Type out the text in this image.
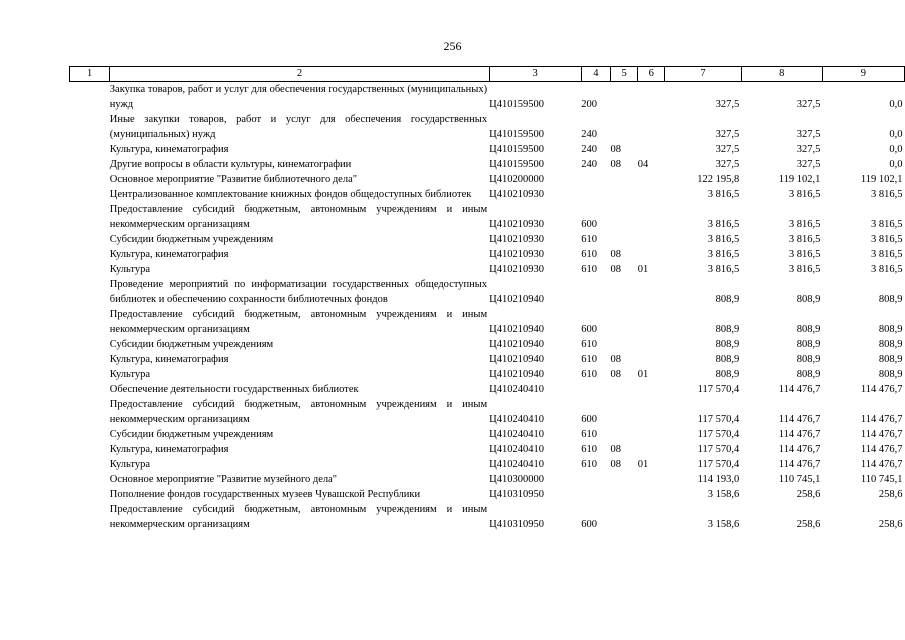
256
1	2	3	4	5	6	7	8	9
	Закупка товаров, работ и услуг для обеспечения государственных (муниципальных) нужд	Ц410159500	200			327,5	327,5	0,0
	Иные закупки товаров, работ и услуг для обеспечения государственных (муниципальных) нужд	Ц410159500	240			327,5	327,5	0,0
	Культура, кинематография	Ц410159500	240	08		327,5	327,5	0,0
	Другие вопросы в области культуры, кинематографии	Ц410159500	240	08	04	327,5	327,5	0,0
	Основное мероприятие "Развитие библиотечного дела"	Ц410200000				122 195,8	119 102,1	119 102,1
	Централизованное комплектование книжных фондов общедоступных библиотек	Ц410210930				3 816,5	3 816,5	3 816,5
	Предоставление субсидий бюджетным, автономным учреждениям и иным некоммерческим организациям	Ц410210930	600			3 816,5	3 816,5	3 816,5
	Субсидии бюджетным учреждениям	Ц410210930	610			3 816,5	3 816,5	3 816,5
	Культура, кинематография	Ц410210930	610	08		3 816,5	3 816,5	3 816,5
	Культура	Ц410210930	610	08	01	3 816,5	3 816,5	3 816,5
	Проведение мероприятий по информатизации государственных общедоступных библиотек и обеспечению сохранности библиотечных фондов	Ц410210940				808,9	808,9	808,9
	Предоставление субсидий бюджетным, автономным учреждениям и иным некоммерческим организациям	Ц410210940	600			808,9	808,9	808,9
	Субсидии бюджетным учреждениям	Ц410210940	610			808,9	808,9	808,9
	Культура, кинематография	Ц410210940	610	08		808,9	808,9	808,9
	Культура	Ц410210940	610	08	01	808,9	808,9	808,9
	Обеспечение деятельности государственных библиотек	Ц410240410				117 570,4	114 476,7	114 476,7
	Предоставление субсидий бюджетным, автономным учреждениям и иным некоммерческим организациям	Ц410240410	600			117 570,4	114 476,7	114 476,7
	Субсидии бюджетным учреждениям	Ц410240410	610			117 570,4	114 476,7	114 476,7
	Культура, кинематография	Ц410240410	610	08		117 570,4	114 476,7	114 476,7
	Культура	Ц410240410	610	08	01	117 570,4	114 476,7	114 476,7
	Основное мероприятие "Развитие музейного дела"	Ц410300000				114 193,0	110 745,1	110 745,1
	Пополнение фондов государственных музеев Чувашской Республики	Ц410310950				3 158,6	258,6	258,6
	Предоставление субсидий бюджетным, автономным учреждениям и иным некоммерческим организациям	Ц410310950	600			3 158,6	258,6	258,6
